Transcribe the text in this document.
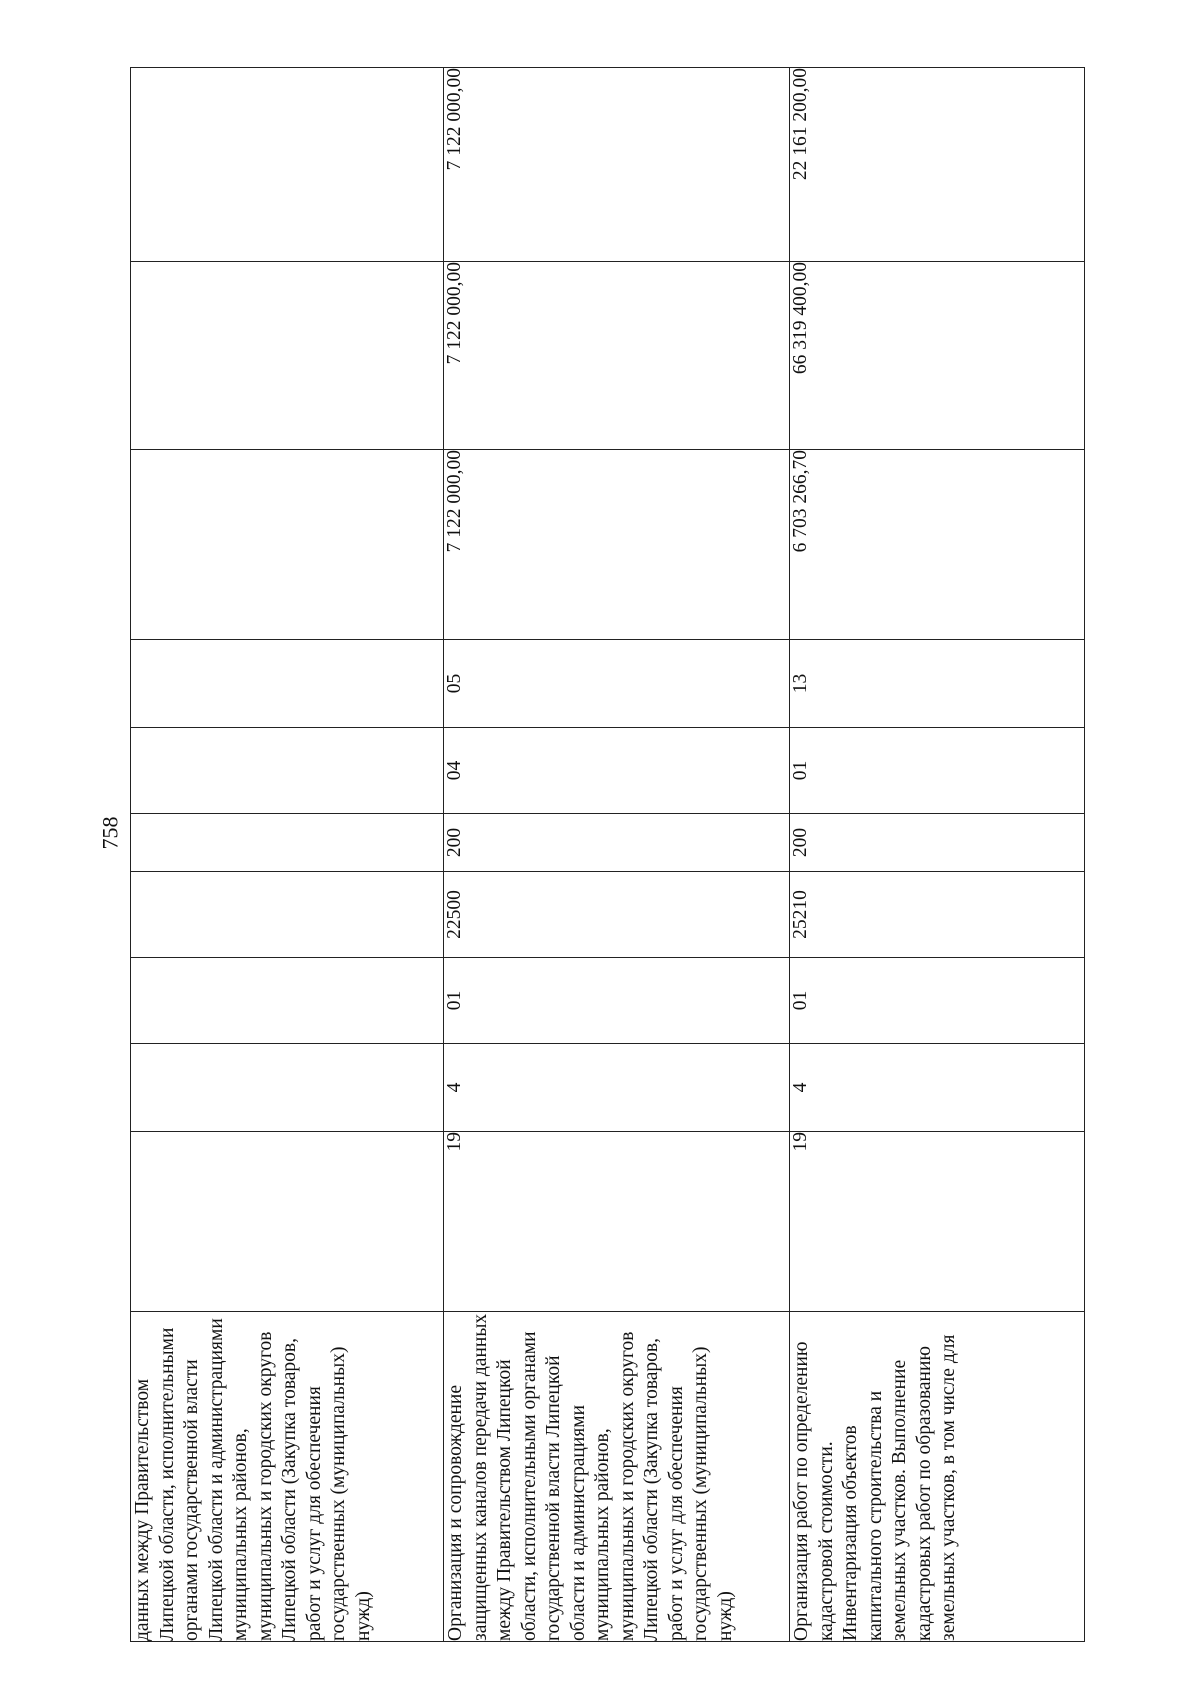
758
данных между Правительством Липецкой области, исполнительными органами государственной власти Липецкой области и администрациями муниципальных районов, муниципальных и городских округов Липецкой области (Закупка товаров, работ и услуг для обеспечения государственных (муниципальных) нужд)										
Организация и сопровождение защищенных каналов передачи данных между Правительством Липецкой области, исполнительными органами государственной власти Липецкой области и администрациями муниципальных районов, муниципальных и городских округов Липецкой области (Закупка товаров, работ и услуг для обеспечения государственных (муниципальных) нужд)	19	4	01	22500	200	04	05	7 122 000,00	7 122 000,00	7 122 000,00
Организация работ по определению кадастровой стоимости. Инвентаризация объектов капитального строительства и земельных участков. Выполнение кадастровых работ по образованию земельных участков, в том числе для	19	4	01	25210	200	01	13	6 703 266,70	66 319 400,00	22 161 200,00
